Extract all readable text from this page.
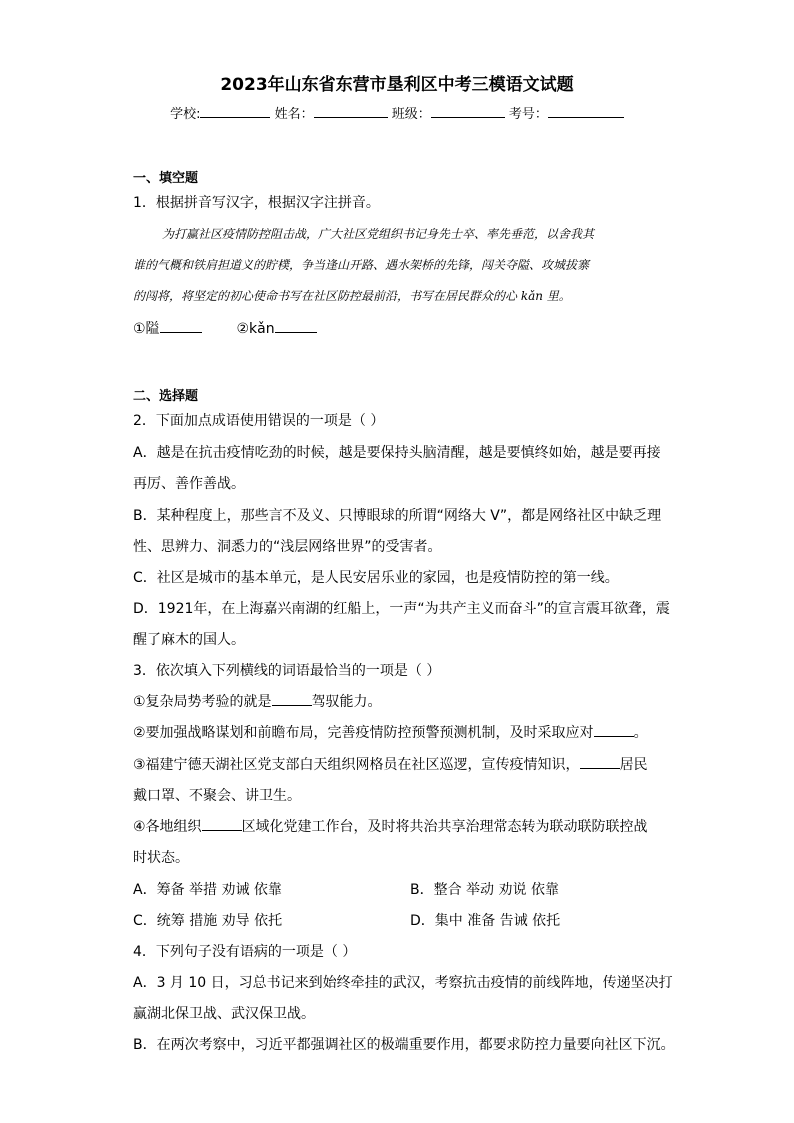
2023年山东省东营市垦利区中考三模语文试题
学校:	姓名：	班级：	考号：
一、填空题
1．根据拼音写汉字，根据汉字注拼音。
为打赢社区疫情防控阻击战，广大社区党组织书记身先士卒、率先垂范，以舍我其
谁的气概和铁肩担道义的貯樸，争当逢山开路、遇水架桥的先锋，闯关夺隘、攻城拔寨
的闯将，将坚定的初心使命书写在社区防控最前沿，书写在居民群众的心 kǎn 里。
①隘	②kǎn
二、选择题
2．下面加点成语使用错误的一项是（ ）
A．越是在抗击疫情吃劲的时候，越是要保持头脑清醒，越是要慎终如始，越是要再接
再厉、善作善战。
B．某种程度上，那些言不及义、只博眼球的所谓“网络大 V”，都是网络社区中缺乏理
性、思辨力、洞悉力的“浅层网络世界”的受害者。
C．社区是城市的基本单元，是人民安居乐业的家园，也是疫情防控的第一线。
D．1921年，在上海嘉兴南湖的红船上，一声“为共产主义而奋斗”的宣言震耳欲聋，震
醒了麻木的国人。
3．依次填入下列横线的词语最恰当的一项是（ ）
①复杂局势考验的就是	驾驭能力。
②要加强战略谋划和前瞻布局，完善疫情防控预警预测机制，及时采取应对	。
③福建宁德天湖社区党支部白天组织网格员在社区巡逻，宣传疫情知识，	居民
戴口罩、不聚会、讲卫生。
④各地组织	区域化党建工作台，及时将共治共享治理常态转为联动联防联控战
时状态。
A．筹备 举措 劝诫 依靠	B．整合 举动 劝说 依靠
C．统筹 措施 劝导 依托	D．集中 准备 告诫 依托
4．下列句子没有语病的一项是（ ）
A．3 月 10 日，习总书记来到始终牵挂的武汉，考察抗击疫情的前线阵地，传递坚决打
赢湖北保卫战、武汉保卫战。
B．在两次考察中，习近平都强调社区的极端重要作用，都要求防控力量要向社区下沉。
